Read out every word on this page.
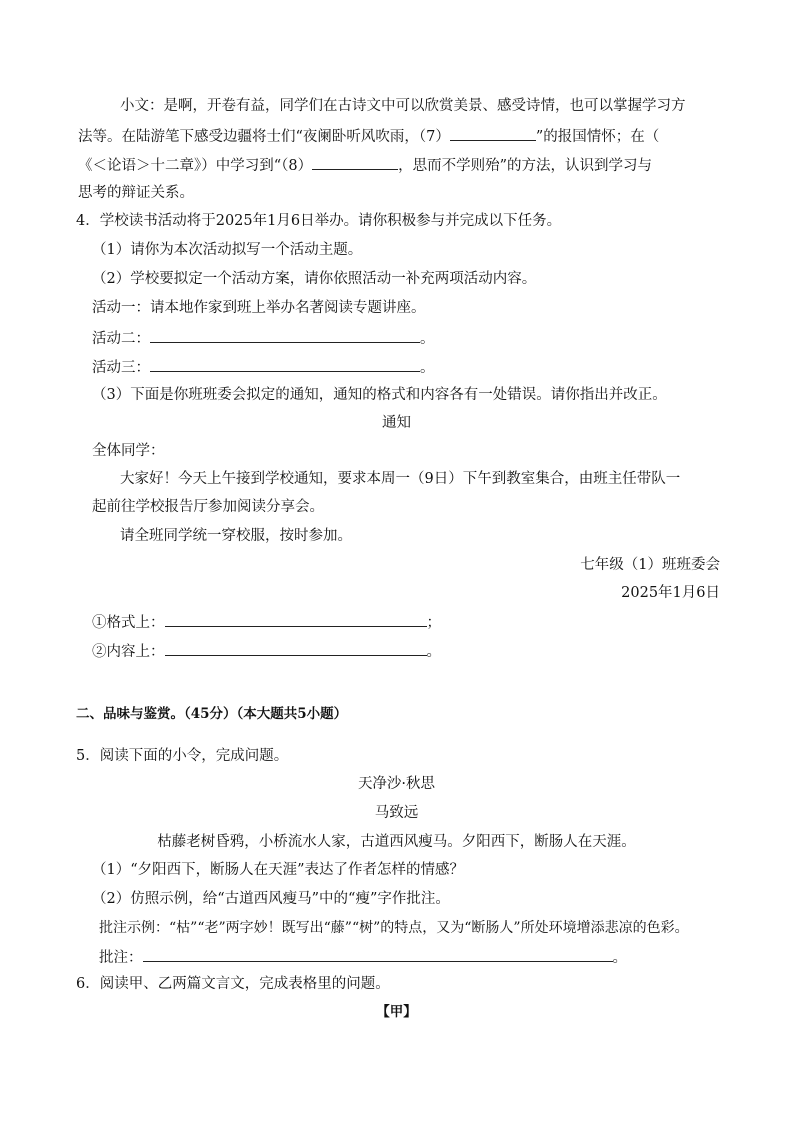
小文：是啊，开卷有益，同学们在古诗文中可以欣赏美景、感受诗情，也可以掌握学习方
法等。在陆游笔下感受边疆将士们“夜阑卧听风吹雨，（7）	”的报国情怀；在（
《＜论语＞十二章》）中学习到“（8）	，思而不学则殆”的方法，认识到学习与
思考的辩证关系。
4．学校读书活动将于2025年1月6日举办。请你积极参与并完成以下任务。
（1）请你为本次活动拟写一个活动主题。
（2）学校要拟定一个活动方案，请你依照活动一补充两项活动内容。
活动一：请本地作家到班上举办名著阅读专题讲座。
活动二：	。
活动三：	。
（3）下面是你班班委会拟定的通知，通知的格式和内容各有一处错误。请你指出并改正。
通知
全体同学：
大家好！今天上午接到学校通知，要求本周一（9日）下午到教室集合，由班主任带队一
起前往学校报告厅参加阅读分享会。
请全班同学统一穿校服，按时参加。
七年级（1）班班委会
2025年1月6日
①格式上：	；
②内容上：	。
二、品味与鉴赏。（45分）（本大题共5小题）
5．阅读下面的小令，完成问题。
天净沙·秋思
马致远
枯藤老树昏鸦，小桥流水人家，古道西风瘦马。夕阳西下，断肠人在天涯。
（1）“夕阳西下，断肠人在天涯”表达了作者怎样的情感？
（2）仿照示例，给“古道西风瘦马”中的“瘦”字作批注。
批注示例：“枯”“老”两字妙！既写出“藤”“树”的特点，又为“断肠人”所处环境增添悲凉的色彩。
批注：	。
6．阅读甲、乙两篇文言文，完成表格里的问题。
【甲】
